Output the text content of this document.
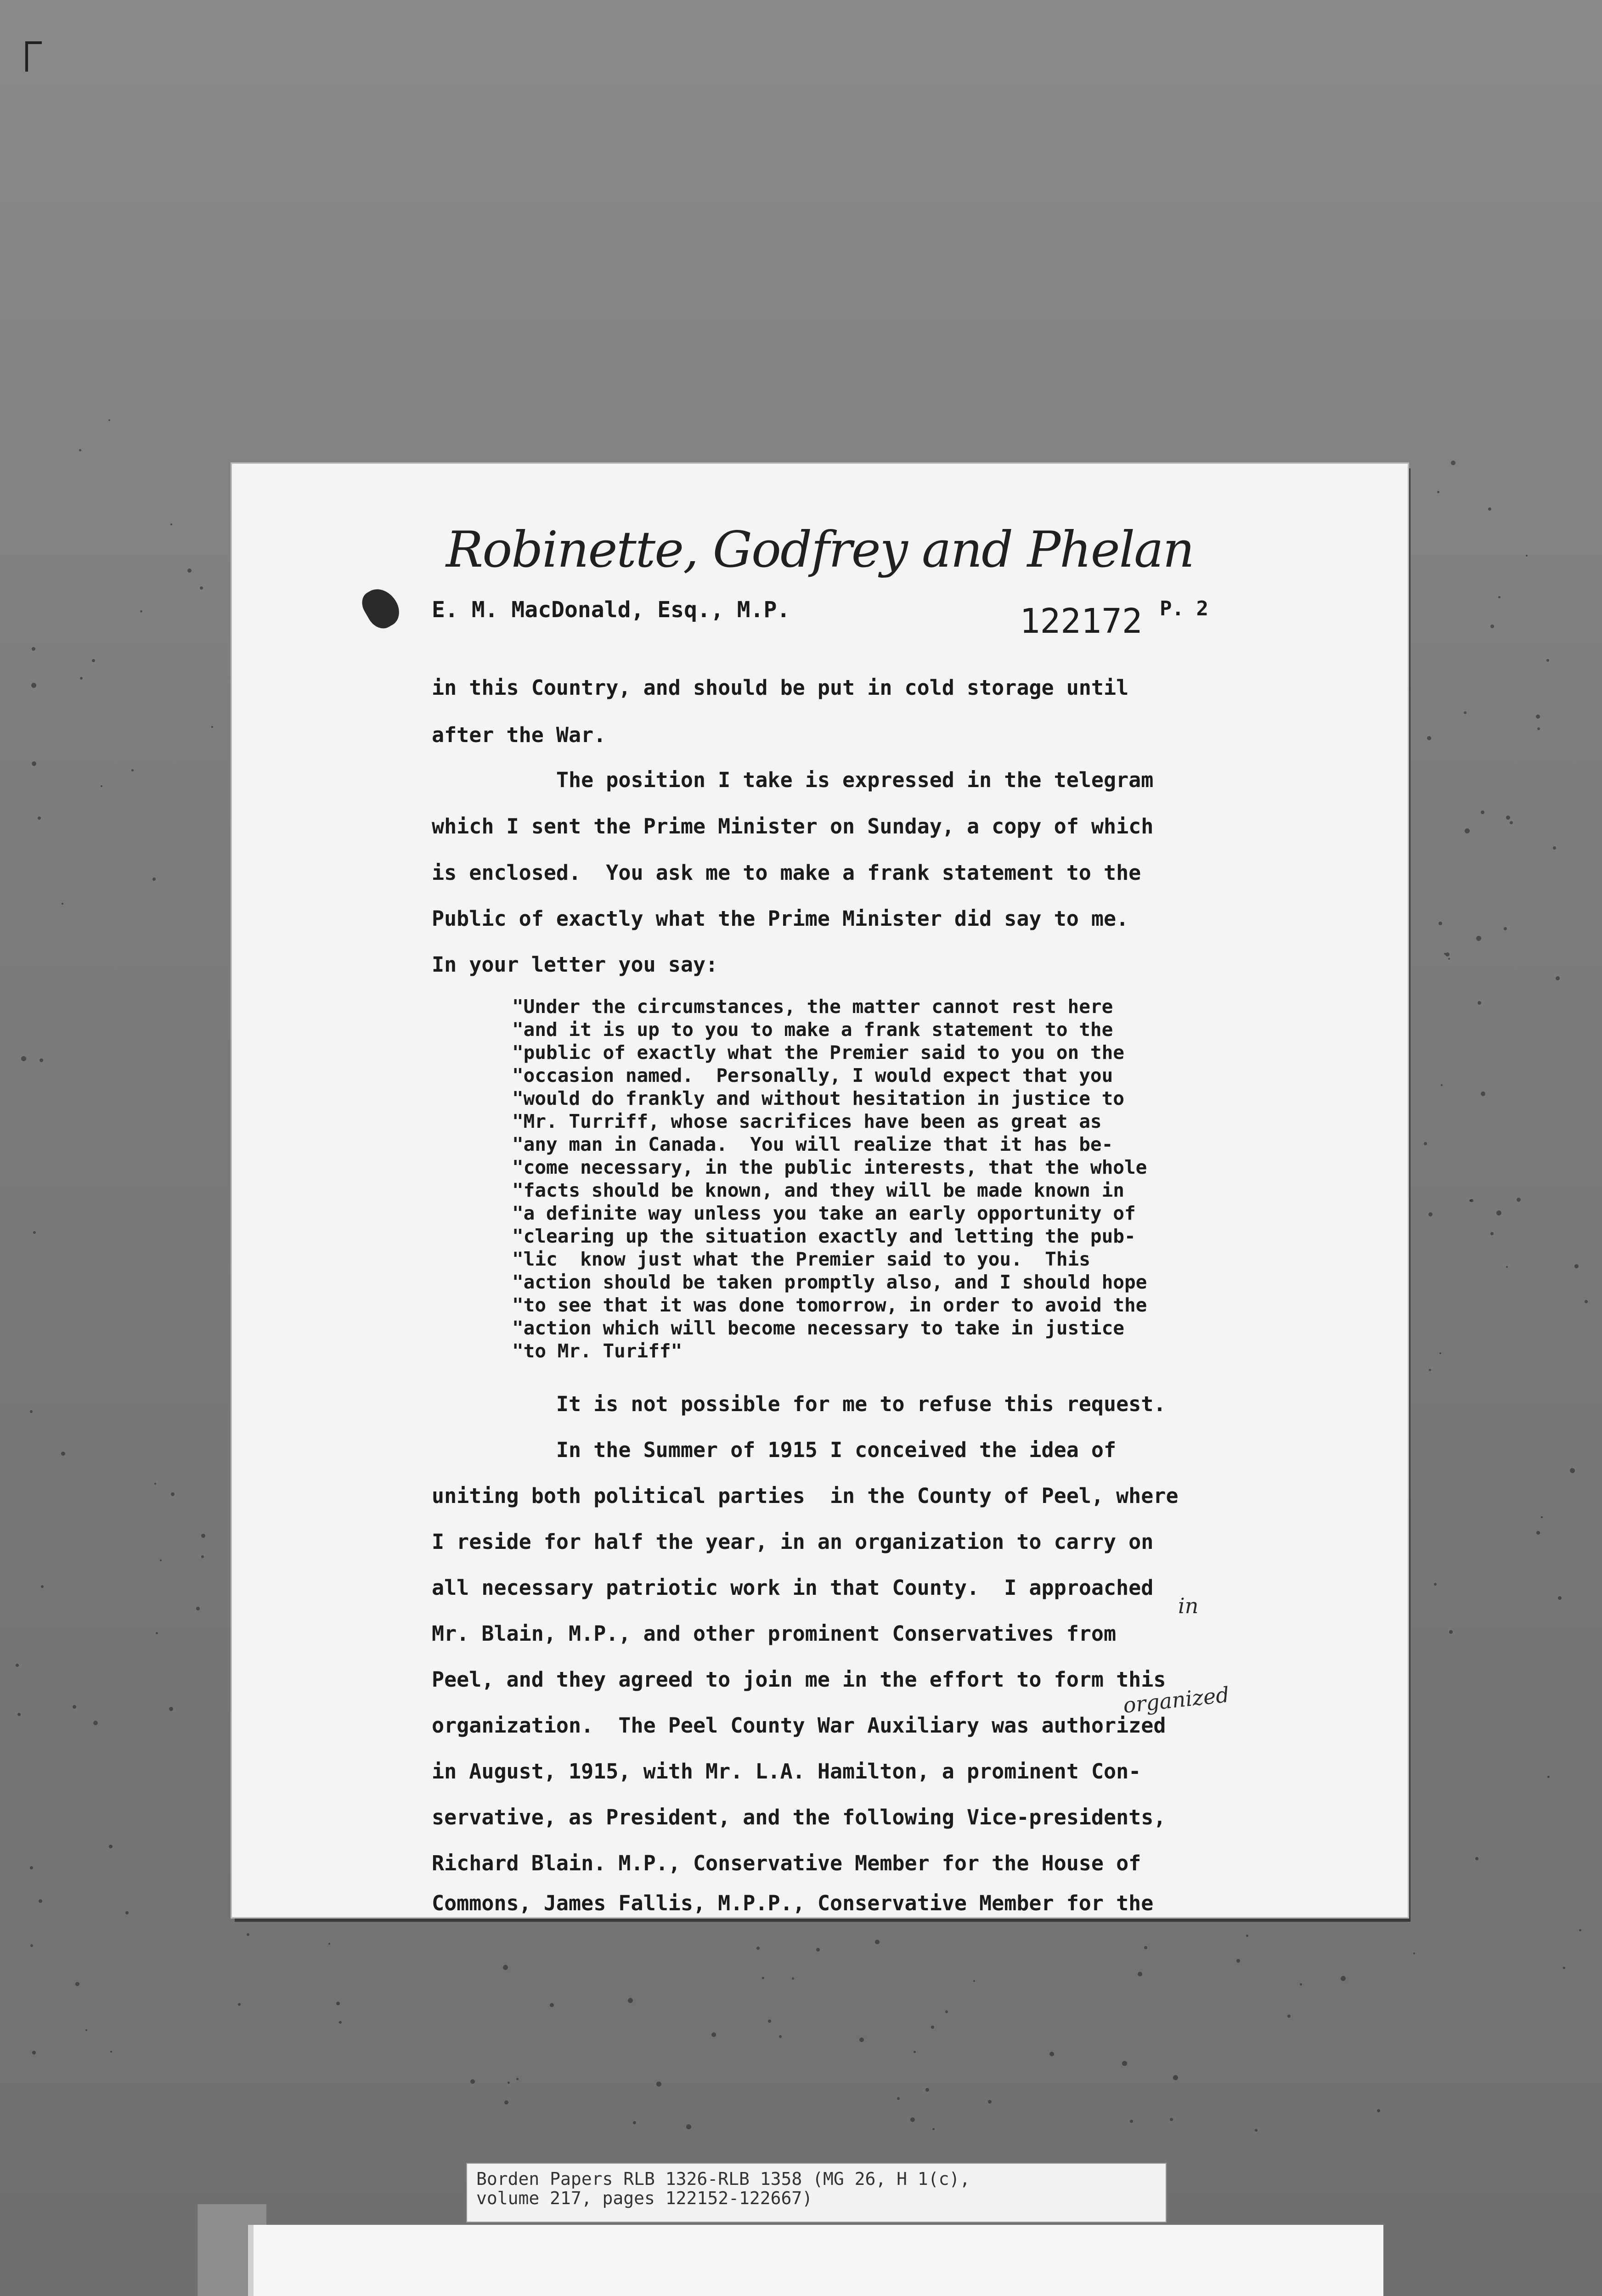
Robinette, Godfrey and Phelan
E. M. MacDonald, Esq., M.P.	122172 P. 2
in this Country, and should be put in cold storage until
after the War.
The position I take is expressed in the telegram
which I sent the Prime Minister on Sunday, a copy of which
is enclosed.  You ask me to make a frank statement to the
Public of exactly what the Prime Minister did say to me.
In your letter you say:
"Under the circumstances, the matter cannot rest here
"and it is up to you to make a frank statement to the
"public of exactly what the Premier said to you on the
"occasion named.  Personally, I would expect that you
"would do frankly and without hesitation in justice to
"Mr. Turriff, whose sacrifices have been as great as
"any man in Canada.  You will realize that it has be-
"come necessary, in the public interests, that the whole
"facts should be known, and they will be made known in
"a definite way unless you take an early opportunity of
"clearing up the situation exactly and letting the pub-
"lic  know just what the Premier said to you.  This
"action should be taken promptly also, and I should hope
"to see that it was done tomorrow, in order to avoid the
"action which will become necessary to take in justice
"to Mr. Turiff"
It is not possible for me to refuse this request.
In the Summer of 1915 I conceived the idea of
uniting both political parties  in the County of Peel, where
I reside for half the year, in an organization to carry on
all necessary patriotic work in that County.  I approached
Mr. Blain, M.P., and other prominent Conservatives from
Peel, and they agreed to join me in the effort to form this
organization.  The Peel County War Auxiliary was authorized
in August, 1915, with Mr. L.A. Hamilton, a prominent Con-
servative, as President, and the following Vice-presidents,
Richard Blain. M.P., Conservative Member for the House of
Commons, James Fallis, M.P.P., Conservative Member for the
in
organized
Borden Papers RLB 1326-RLB 1358 (MG 26, H 1(c),
volume 217, pages 122152-122667)
